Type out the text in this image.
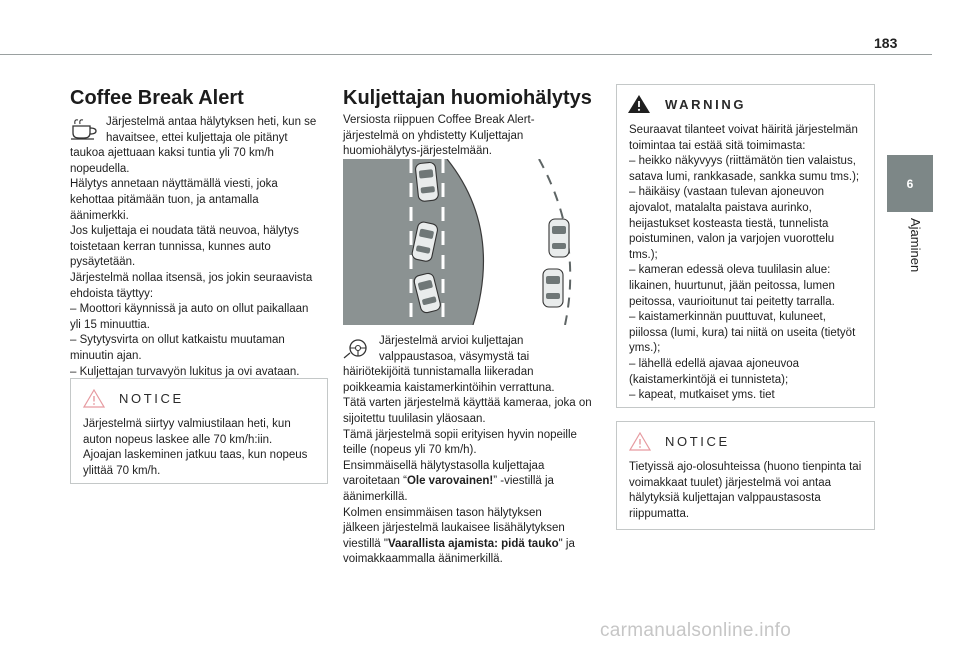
183
6
Ajaminen
Coffee Break Alert
Järjestelmä antaa hälytyksen heti, kun se

havaitsee, ettei kuljettaja ole pitänyt

taukoa ajettuaan kaksi tuntia yli 70 km/h

nopeudella.

Hälytys annetaan näyttämällä viesti, joka

kehottaa pitämään tuon, ja antamalla

äänimerkki.

Jos kuljettaja ei noudata tätä neuvoa, hälytys

toistetaan kerran tunnissa, kunnes auto

pysäytetään.

Järjestelmä nollaa itsensä, jos jokin seuraavista

ehdoista täyttyy:

– Moottori käynnissä ja auto on ollut paikallaan

yli 15 minuuttia.

– Sytytysvirta on ollut katkaistu muutaman

minuutin ajan.

– Kuljettajan turvavyön lukitus ja ovi avataan.

NOTICE

Järjestelmä siirtyy valmiustilaan heti, kun

auton nopeus laskee alle 70 km/h:iin.

Ajoajan laskeminen jatkuu taas, kun nopeus

ylittää 70 km/h.

Kuljettajan huomiohälytys

Versiosta riippuen Coffee Break Alert-

järjestelmä on yhdistetty Kuljettajan

huomiohälytys-järjestelmään.

Järjestelmä arvioi kuljettajan

valppaustasoa, väsymystä tai

häiriötekijöitä tunnistamalla liikeradan

poikkeamia kaistamerkintöihin verrattuna.

Tätä varten järjestelmä käyttää kameraa, joka on

sijoitettu tuulilasin yläosaan.

Tämä järjestelmä sopii erityisen hyvin nopeille

teille (nopeus yli 70 km/h).

Ensimmäisellä hälytystasolla kuljettajaa

varoitetaan “Ole varovainen!” -viestillä ja

äänimerkillä.

Kolmen ensimmäisen tason hälytyksen

jälkeen järjestelmä laukaisee lisähälytyksen

viestillä "Vaarallista ajamista: pidä tauko" ja

voimakkaammalla äänimerkillä.

WARNING

Seuraavat tilanteet voivat häiritä järjestelmän

toimintaa tai estää sitä toimimasta:

– heikko näkyvyys (riittämätön tien valaistus,

satava lumi, rankkasade, sankka sumu tms.);

– häikäisy (vastaan tulevan ajoneuvon

ajovalot, matalalta paistava aurinko,

heijastukset kosteasta tiestä, tunnelista

poistuminen, valon ja varjojen vuorottelu

tms.);

– kameran edessä oleva tuulilasin alue:

likainen, huurtunut, jään peitossa, lumen

peitossa, vaurioitunut tai peitetty tarralla.

– kaistamerkinnän puuttuvat, kuluneet,

piilossa (lumi, kura) tai niitä on useita (tietyöt

yms.);

– lähellä edellä ajavaa ajoneuvoa

(kaistamerkintöjä ei tunnisteta);

– kapeat, mutkaiset yms. tiet

NOTICE

Tietyissä ajo-olosuhteissa (huono tienpinta tai

voimakkaat tuulet) järjestelmä voi antaa

hälytyksiä kuljettajan valppaustasosta

riippumatta.

carmanualsonline.info
